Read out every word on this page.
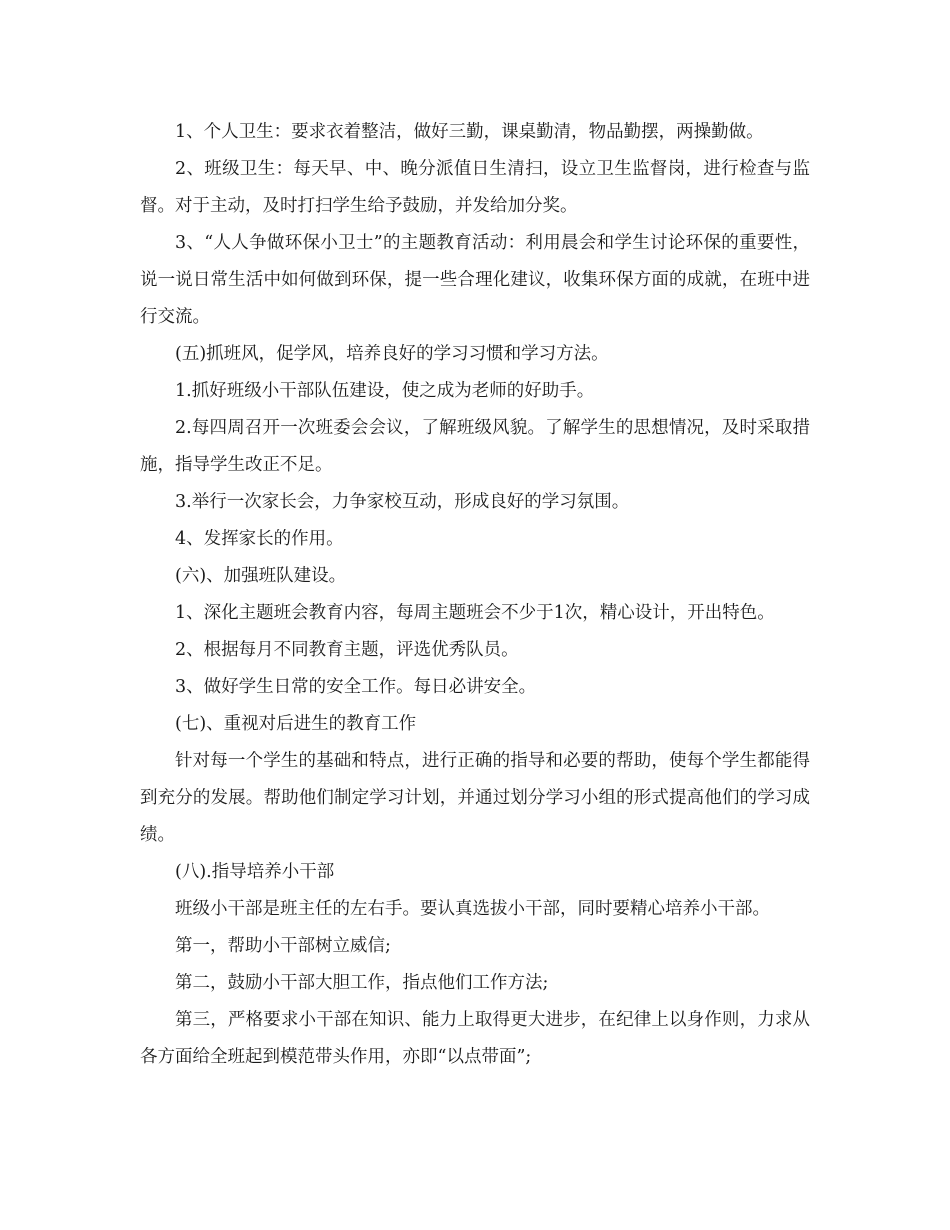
1、个人卫生：要求衣着整洁，做好三勤，课桌勤清，物品勤摆，两操勤做。

2、班级卫生：每天早、中、晚分派值日生清扫，设立卫生监督岗，进行检查与监督。对于主动，及时打扫学生给予鼓励，并发给加分奖。

3、“人人争做环保小卫士”的主题教育活动：利用晨会和学生讨论环保的重要性，说一说日常生活中如何做到环保，提一些合理化建议，收集环保方面的成就，在班中进行交流。

(五)抓班风，促学风，培养良好的学习习惯和学习方法。

1.抓好班级小干部队伍建设，使之成为老师的好助手。

2.每四周召开一次班委会会议，了解班级风貌。了解学生的思想情况，及时采取措施，指导学生改正不足。

3.举行一次家长会，力争家校互动，形成良好的学习氛围。

4、发挥家长的作用。

(六)、加强班队建设。

1、深化主题班会教育内容，每周主题班会不少于1次，精心设计，开出特色。

2、根据每月不同教育主题，评选优秀队员。

3、做好学生日常的安全工作。每日必讲安全。

(七)、重视对后进生的教育工作

针对每一个学生的基础和特点，进行正确的指导和必要的帮助，使每个学生都能得到充分的发展。帮助他们制定学习计划，并通过划分学习小组的形式提高他们的学习成绩。

(八).指导培养小干部

班级小干部是班主任的左右手。要认真选拔小干部，同时要精心培养小干部。

第一，帮助小干部树立威信;

第二，鼓励小干部大胆工作，指点他们工作方法;

第三，严格要求小干部在知识、能力上取得更大进步，在纪律上以身作则，力求从各方面给全班起到模范带头作用，亦即“以点带面”;
